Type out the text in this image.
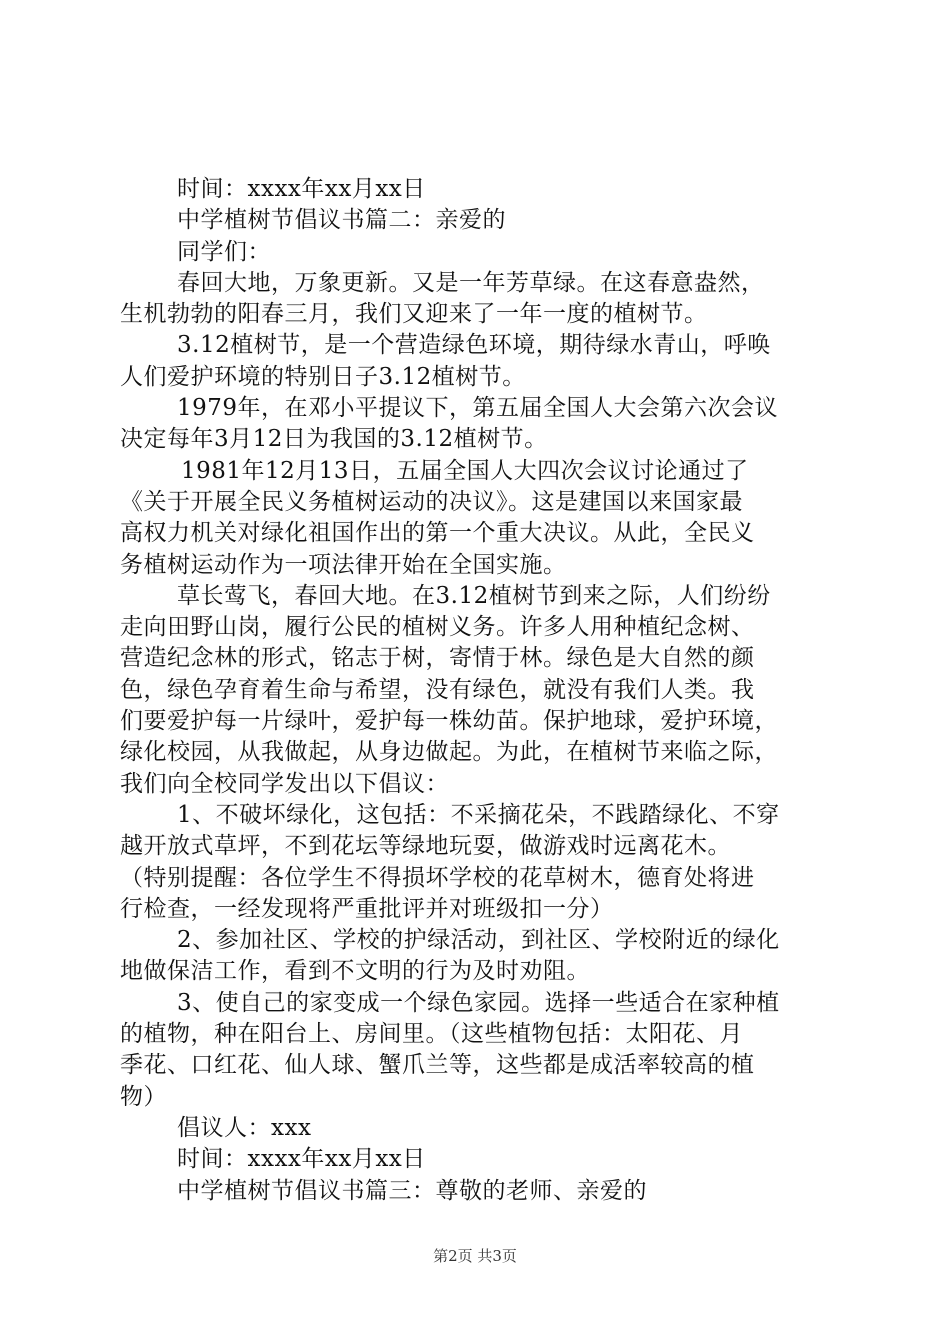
时间：xxxx年xx月xx日
中学植树节倡议书篇二：亲爱的
同学们：
春回大地，万象更新。又是一年芳草绿。在这春意盎然，
生机勃勃的阳春三月，我们又迎来了一年一度的植树节。
3.12植树节，是一个营造绿色环境，期待绿水青山，呼唤
人们爱护环境的特别日子3.12植树节。
1979年，在邓小平提议下，第五届全国人大会第六次会议
决定每年3月12日为我国的3.12植树节。
1981年12月13日，五届全国人大四次会议讨论通过了
《关于开展全民义务植树运动的决议》。这是建国以来国家最
高权力机关对绿化祖国作出的第一个重大决议。从此，全民义
务植树运动作为一项法律开始在全国实施。
草长莺飞，春回大地。在3.12植树节到来之际，人们纷纷
走向田野山岗，履行公民的植树义务。许多人用种植纪念树、
营造纪念林的形式，铭志于树，寄情于林。绿色是大自然的颜
色，绿色孕育着生命与希望，没有绿色，就没有我们人类。我
们要爱护每一片绿叶，爱护每一株幼苗。保护地球，爱护环境，
绿化校园，从我做起，从身边做起。为此，在植树节来临之际，
我们向全校同学发出以下倡议：
1、不破坏绿化，这包括：不采摘花朵，不践踏绿化、不穿
越开放式草坪，不到花坛等绿地玩耍，做游戏时远离花木。
（特别提醒：各位学生不得损坏学校的花草树木，德育处将进
行检查，一经发现将严重批评并对班级扣一分）
2、参加社区、学校的护绿活动，到社区、学校附近的绿化
地做保洁工作，看到不文明的行为及时劝阻。
3、使自己的家变成一个绿色家园。选择一些适合在家种植
的植物，种在阳台上、房间里。（这些植物包括：太阳花、月
季花、口红花、仙人球、蟹爪兰等，这些都是成活率较高的植
物）
倡议人：xxx
时间：xxxx年xx月xx日
中学植树节倡议书篇三：尊敬的老师、亲爱的
第2页 共3页
